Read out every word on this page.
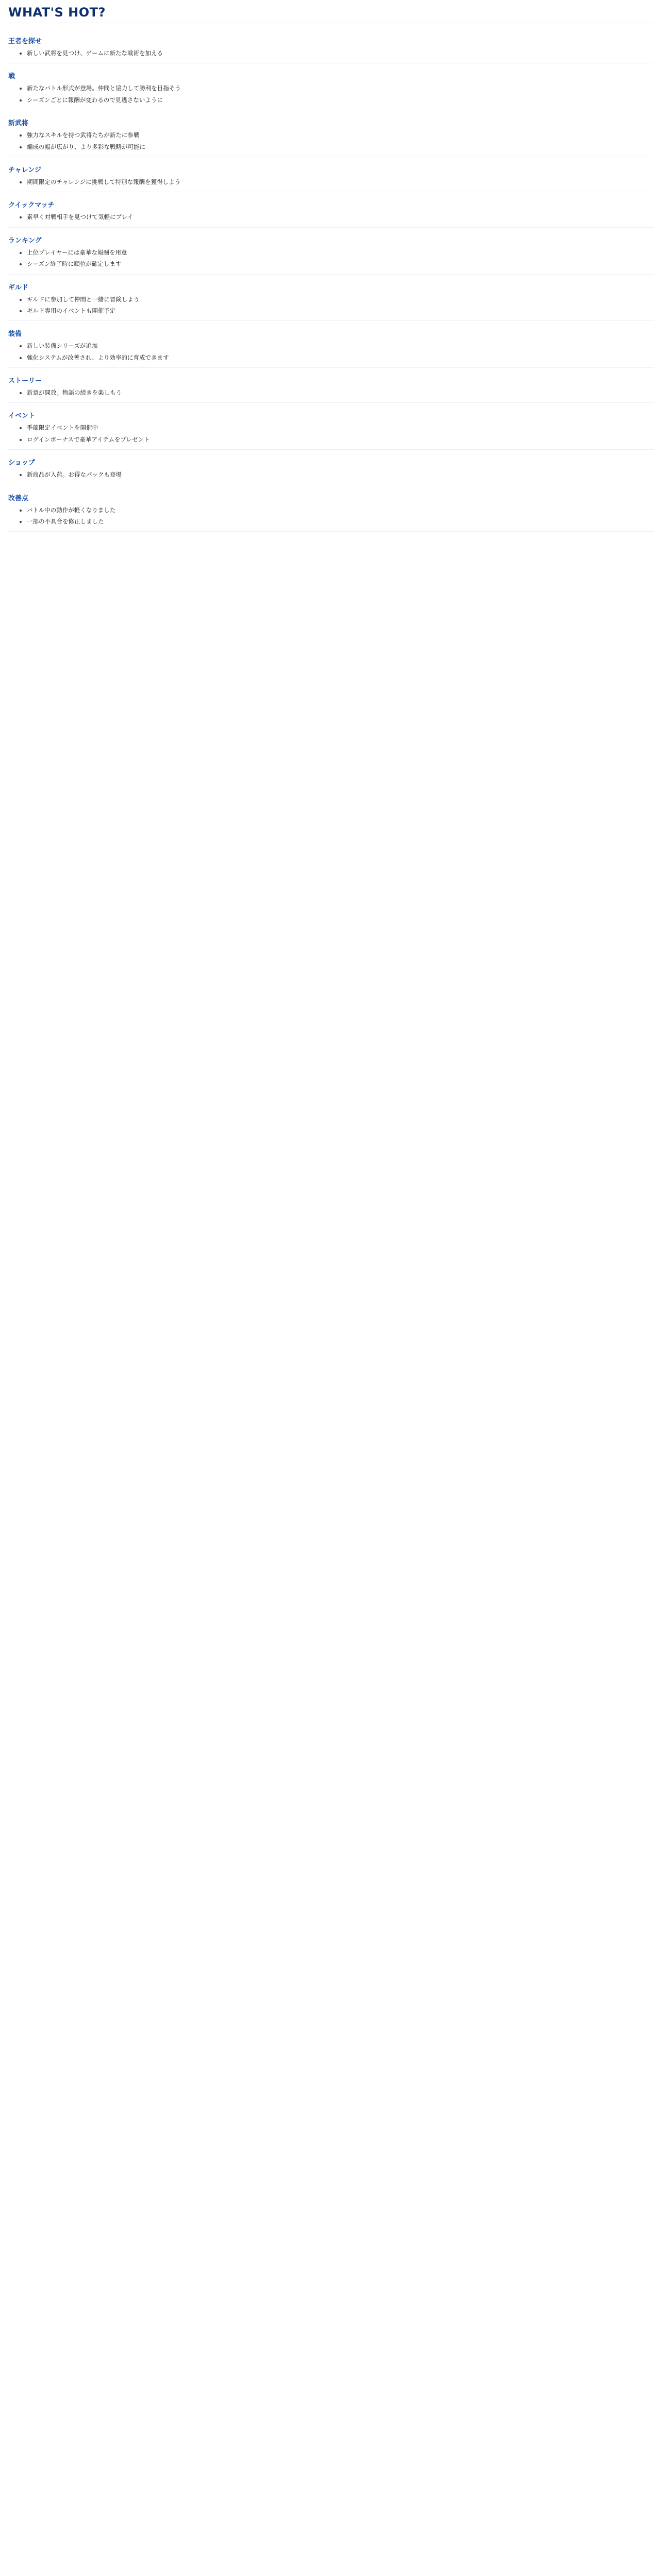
WHAT'S HOT?
王者を探せ
• 新しい武将を見つけ、ゲームに新たな戦術を加える
戦
• 新たなバトル形式が登場。仲間と協力して勝利を目指そう
• シーズンごとに報酬が変わるので見逃さないように
新武将
• 強力なスキルを持つ武将たちが新たに参戦
• 編成の幅が広がり、より多彩な戦略が可能に
チャレンジ
• 期間限定のチャレンジに挑戦して特別な報酬を獲得しよう
クイックマッチ
• 素早く対戦相手を見つけて気軽にプレイ
ランキング
• 上位プレイヤーには豪華な報酬を用意
• シーズン終了時に順位が確定します
ギルド
• ギルドに参加して仲間と一緒に冒険しよう
• ギルド専用のイベントも開催予定
装備
• 新しい装備シリーズが追加
• 強化システムが改善され、より効率的に育成できます
ストーリー
• 新章が開放。物語の続きを楽しもう
イベント
• 季節限定イベントを開催中
• ログインボーナスで豪華アイテムをプレゼント
ショップ
• 新商品が入荷。お得なパックも登場
改善点
• バトル中の動作が軽くなりました
• 一部の不具合を修正しました
